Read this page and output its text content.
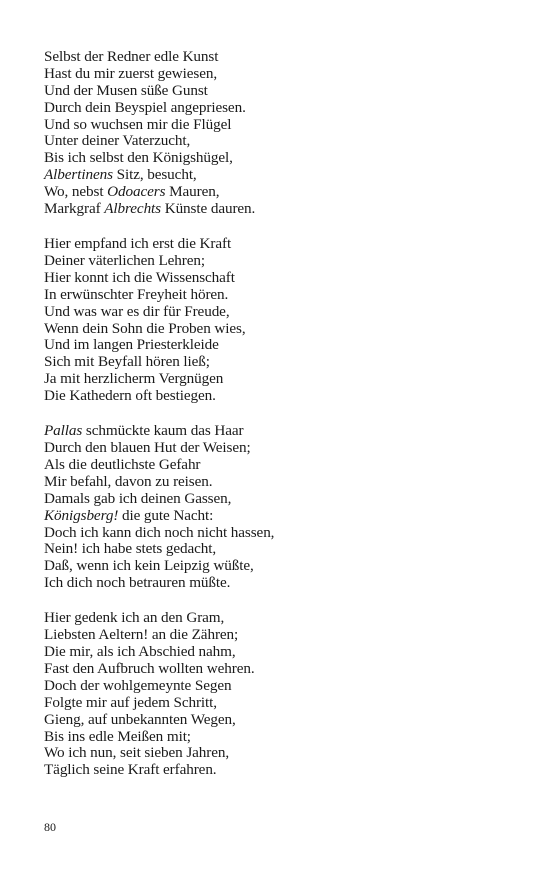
Selbst der Redner edle Kunst
Hast du mir zuerst gewiesen,
Und der Musen süße Gunst
Durch dein Beyspiel angepriesen.
Und so wuchsen mir die Flügel
Unter deiner Vaterzucht,
Bis ich selbst den Königshügel,
Albertinens Sitz, besucht,
Wo, nebst Odoacers Mauren,
Markgraf Albrechts Künste dauren.
Hier empfand ich erst die Kraft
Deiner väterlichen Lehren;
Hier konnt ich die Wissenschaft
In erwünschter Freyheit hören.
Und was war es dir für Freude,
Wenn dein Sohn die Proben wies,
Und im langen Priesterkleide
Sich mit Beyfall hören ließ;
Ja mit herzlicherm Vergnügen
Die Kathedern oft bestiegen.
Pallas schmückte kaum das Haar
Durch den blauen Hut der Weisen;
Als die deutlichste Gefahr
Mir befahl, davon zu reisen.
Damals gab ich deinen Gassen,
Königsberg! die gute Nacht:
Doch ich kann dich noch nicht hassen,
Nein! ich habe stets gedacht,
Daß, wenn ich kein Leipzig wüßte,
Ich dich noch betrauren müßte.
Hier gedenk ich an den Gram,
Liebsten Aeltern! an die Zähren;
Die mir, als ich Abschied nahm,
Fast den Aufbruch wollten wehren.
Doch der wohlgemeynte Segen
Folgte mir auf jedem Schritt,
Gieng, auf unbekannten Wegen,
Bis ins edle Meißen mit;
Wo ich nun, seit sieben Jahren,
Täglich seine Kraft erfahren.
80
